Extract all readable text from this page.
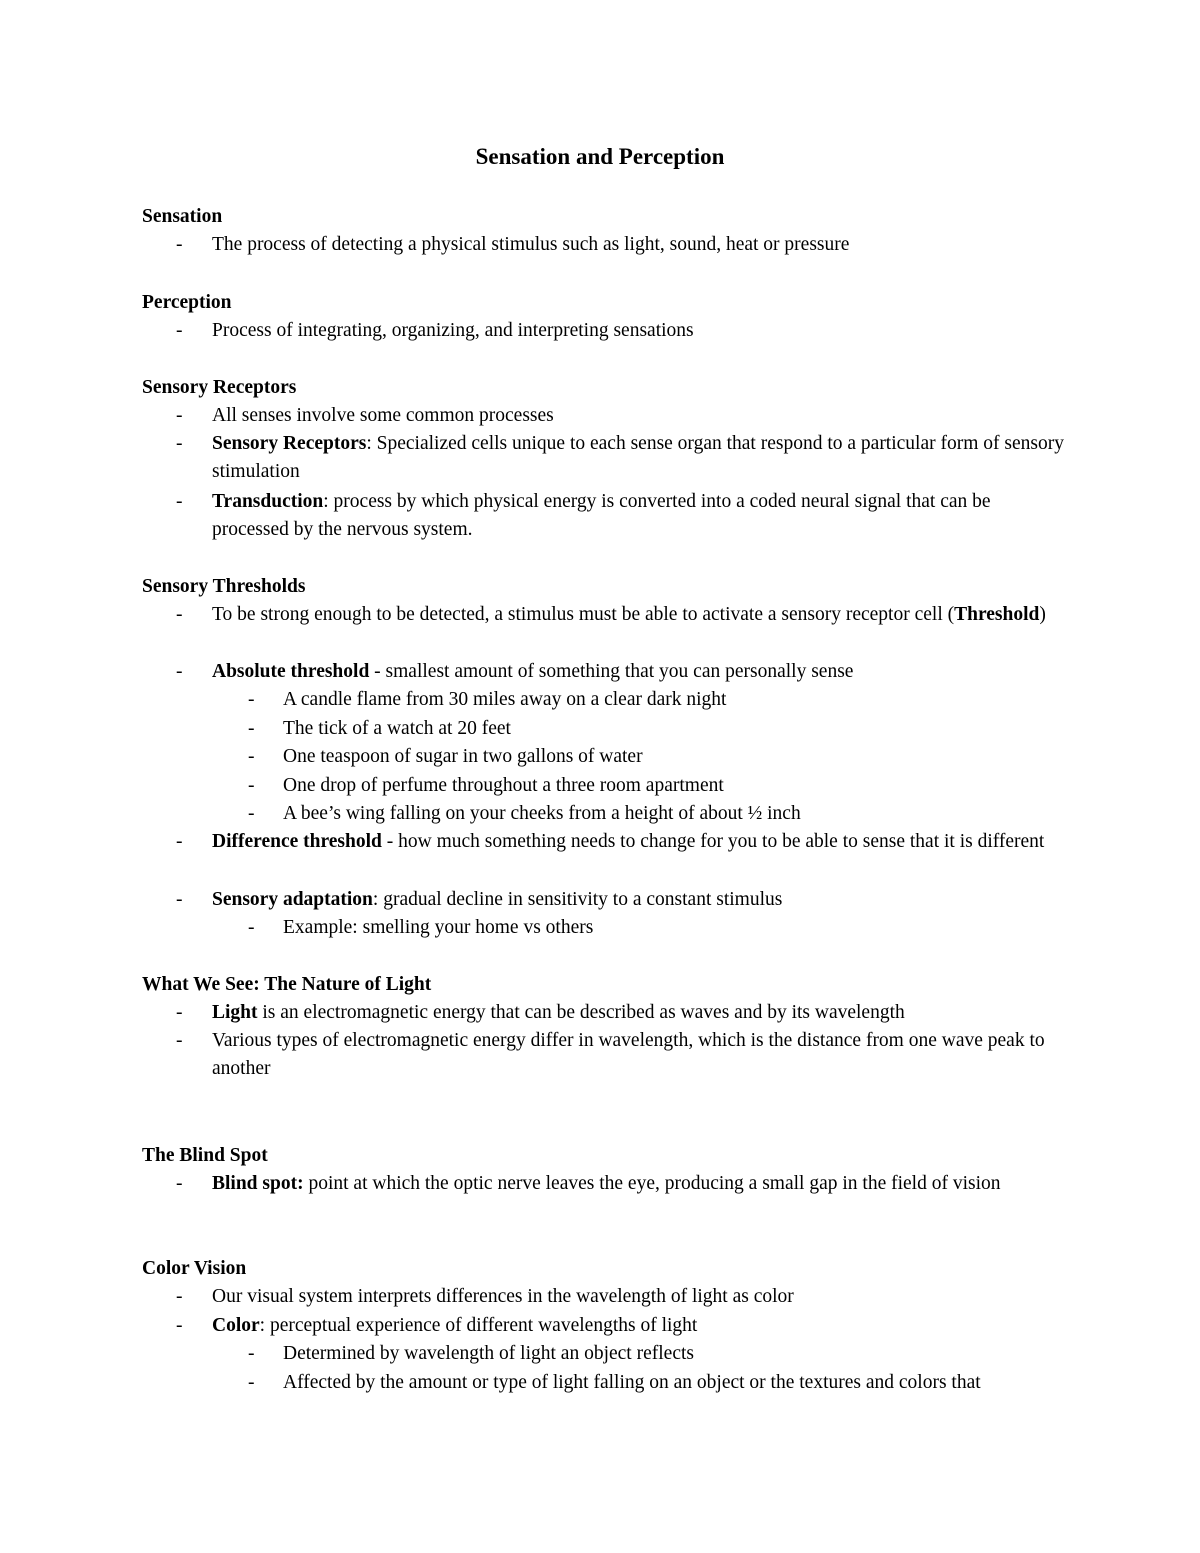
Sensation and Perception
Sensation
- The process of detecting a physical stimulus such as light, sound, heat or pressure
Perception
- Process of integrating, organizing, and interpreting sensations
Sensory Receptors
- All senses involve some common processes
- Sensory Receptors: Specialized cells unique to each sense organ that respond to a particular form of sensory stimulation
- Transduction: process by which physical energy is converted into a coded neural signal that can be processed by the nervous system.
Sensory Thresholds
- To be strong enough to be detected, a stimulus must be able to activate a sensory receptor cell (Threshold)
- Absolute threshold - smallest amount of something that you can personally sense
- A candle flame from 30 miles away on a clear dark night
- The tick of a watch at 20 feet
- One teaspoon of sugar in two gallons of water
- One drop of perfume throughout a three room apartment
- A bee’s wing falling on your cheeks from a height of about ½ inch
- Difference threshold - how much something needs to change for you to be able to sense that it is different
- Sensory adaptation: gradual decline in sensitivity to a constant stimulus
- Example: smelling your home vs others
What We See: The Nature of Light
- Light is an electromagnetic energy that can be described as waves and by its wavelength
- Various types of electromagnetic energy differ in wavelength, which is the distance from one wave peak to another
The Blind Spot
- Blind spot: point at which the optic nerve leaves the eye, producing a small gap in the field of vision
Color Vision
- Our visual system interprets differences in the wavelength of light as color
- Color: perceptual experience of different wavelengths of light
- Determined by wavelength of light an object reflects
- Affected by the amount or type of light falling on an object or the textures and colors that
